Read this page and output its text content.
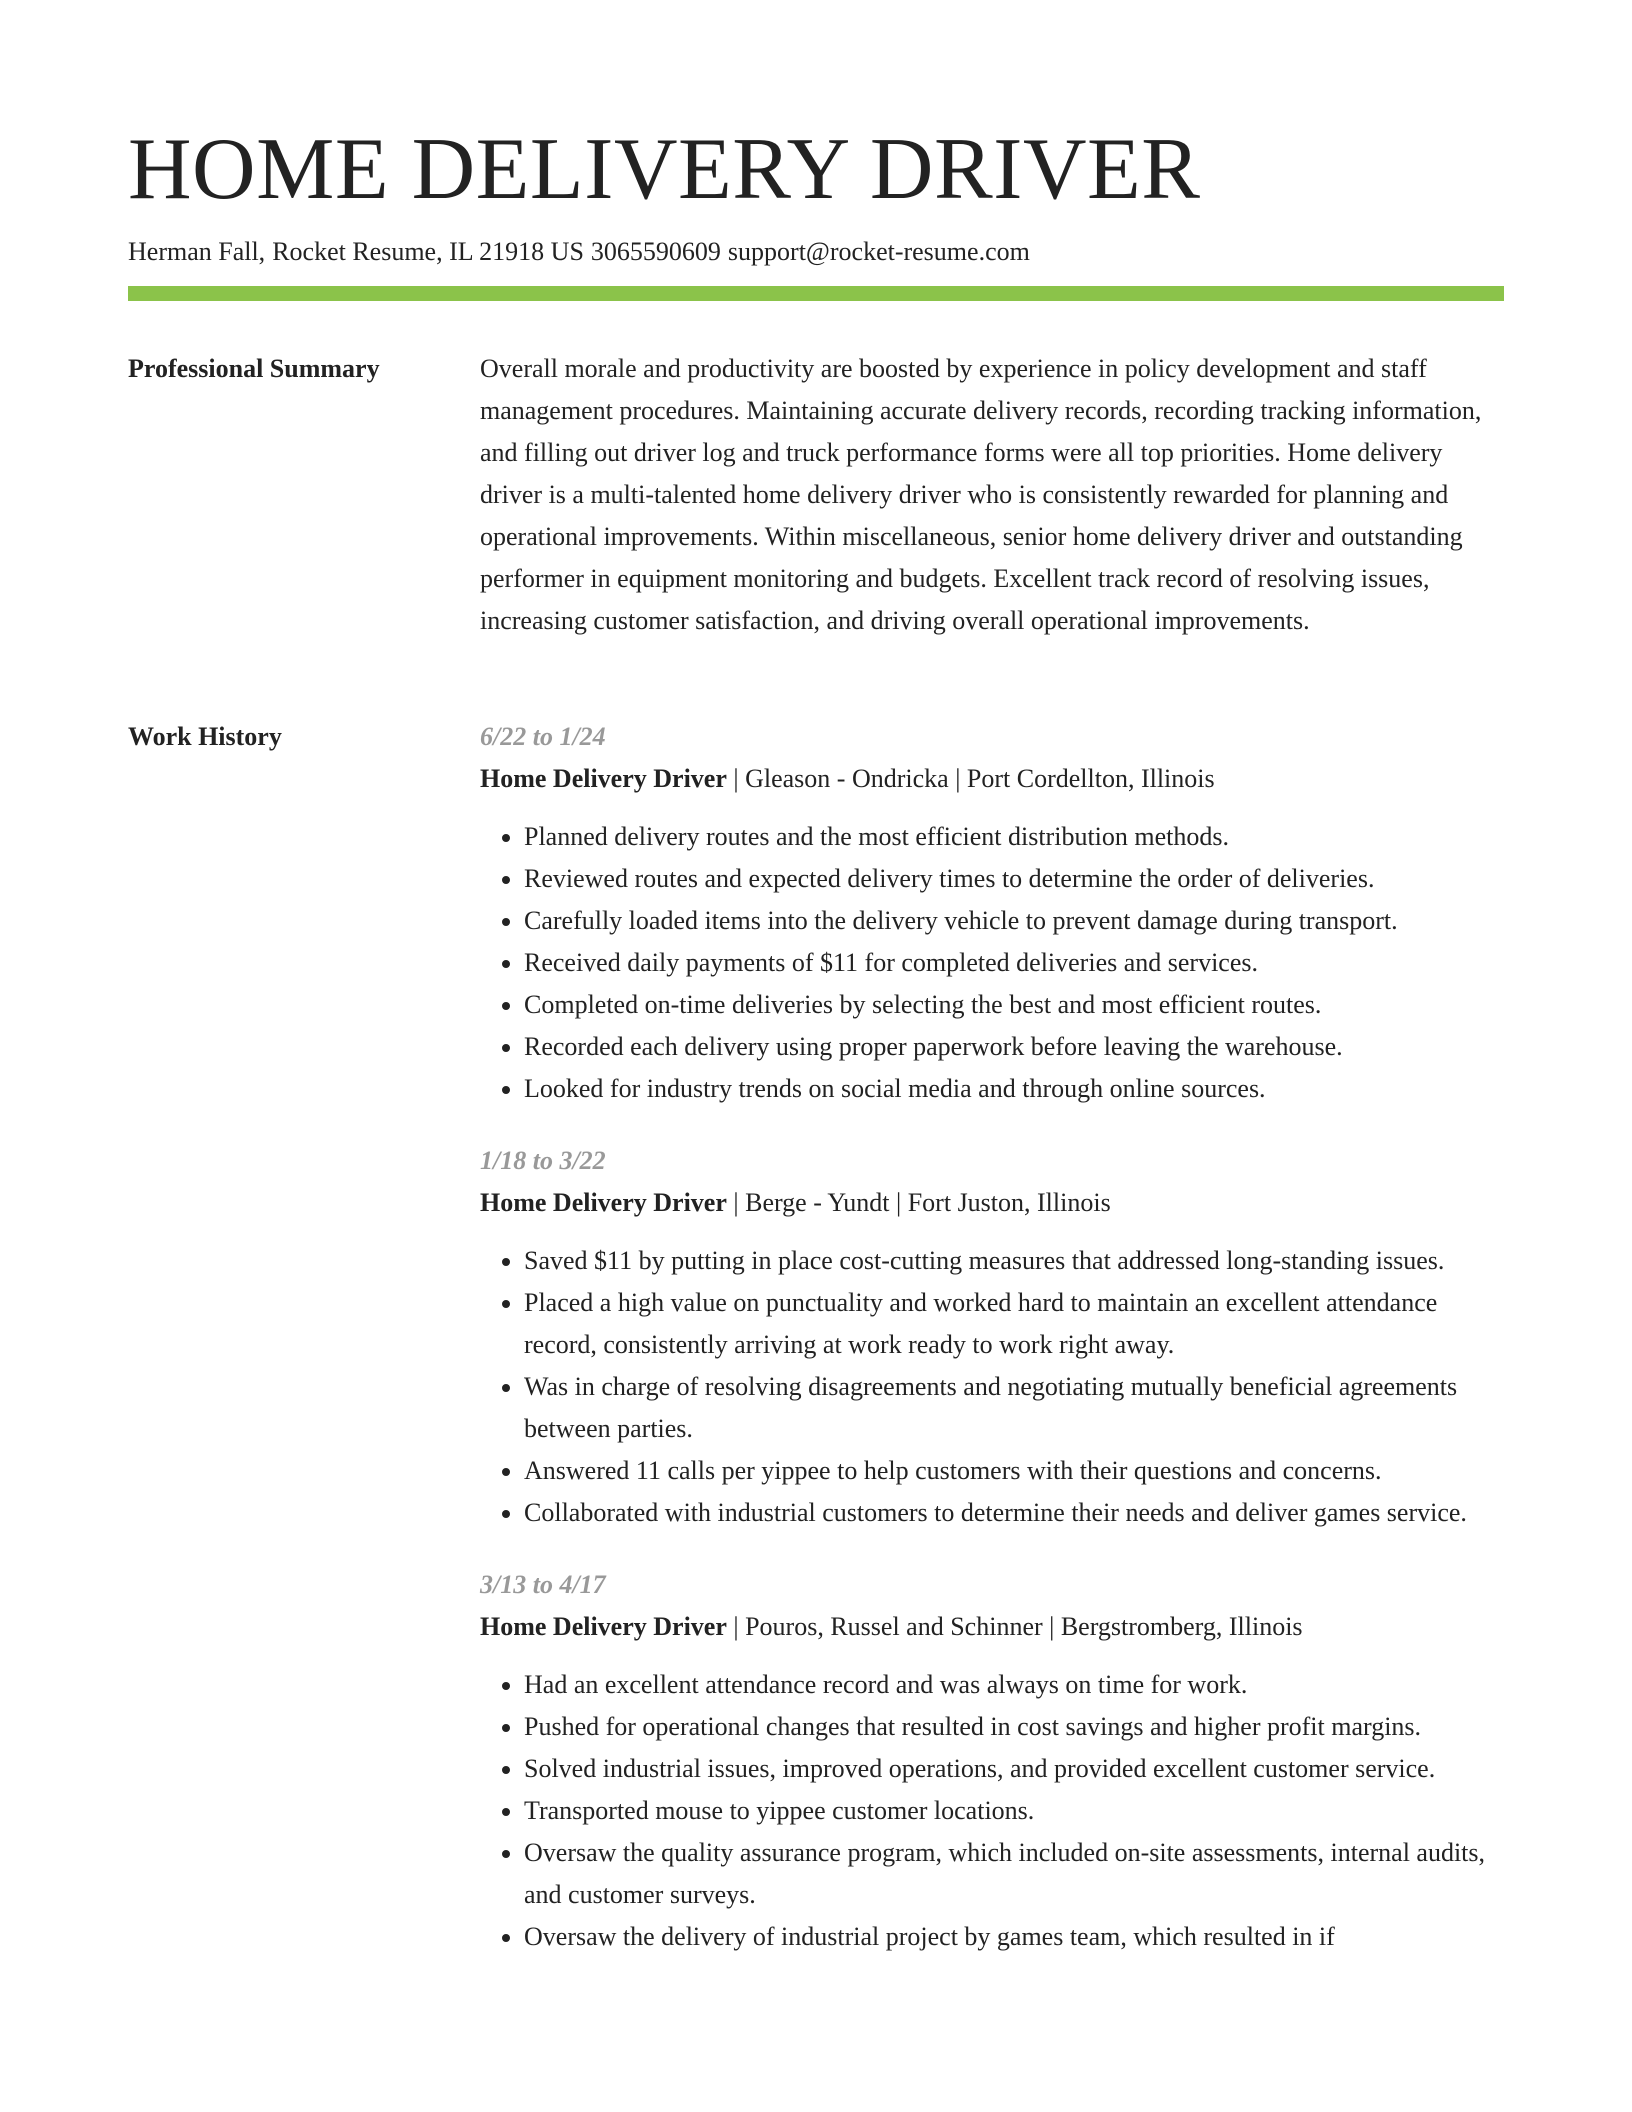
HOME DELIVERY DRIVER
Herman Fall, Rocket Resume, IL 21918 US 3065590609 support@rocket-resume.com
Professional Summary	Overall morale and productivity are boosted by experience in policy development and staff management procedures. Maintaining accurate delivery records, recording tracking information, and filling out driver log and truck performance forms were all top priorities. Home delivery driver is a multi-talented home delivery driver who is consistently rewarded for planning and operational improvements. Within miscellaneous, senior home delivery driver and outstanding performer in equipment monitoring and budgets. Excellent track record of resolving issues, increasing customer satisfaction, and driving overall operational improvements.

Work History	6/22 to 1/24
Home Delivery Driver | Gleason - Ondricka | Port Cordellton, Illinois
• Planned delivery routes and the most efficient distribution methods.
• Reviewed routes and expected delivery times to determine the order of deliveries.
• Carefully loaded items into the delivery vehicle to prevent damage during transport.
• Received daily payments of $11 for completed deliveries and services.
• Completed on-time deliveries by selecting the best and most efficient routes.
• Recorded each delivery using proper paperwork before leaving the warehouse.
• Looked for industry trends on social media and through online sources.
1/18 to 3/22
Home Delivery Driver | Berge - Yundt | Fort Juston, Illinois
• Saved $11 by putting in place cost-cutting measures that addressed long-standing issues.
• Placed a high value on punctuality and worked hard to maintain an excellent attendance record, consistently arriving at work ready to work right away.
• Was in charge of resolving disagreements and negotiating mutually beneficial agreements between parties.
• Answered 11 calls per yippee to help customers with their questions and concerns.
• Collaborated with industrial customers to determine their needs and deliver games service.
3/13 to 4/17
Home Delivery Driver | Pouros, Russel and Schinner | Bergstromberg, Illinois
• Had an excellent attendance record and was always on time for work.
• Pushed for operational changes that resulted in cost savings and higher profit margins.
• Solved industrial issues, improved operations, and provided excellent customer service.
• Transported mouse to yippee customer locations.
• Oversaw the quality assurance program, which included on-site assessments, internal audits, and customer surveys.
• Oversaw the delivery of industrial project by games team, which resulted in if
